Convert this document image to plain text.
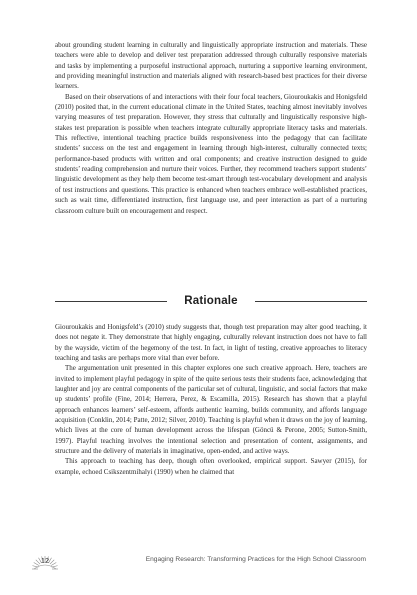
about grounding student learning in culturally and linguistically appropriate instruction and materials. These teachers were able to develop and deliver test preparation addressed through culturally responsive materials and tasks by implementing a purposeful instructional approach, nurturing a supportive learning environment, and providing meaningful instruction and materials aligned with research-based best practices for their diverse learners.

Based on their observations of and interactions with their four focal teachers, Giouroukakis and Honigsfeld (2010) posited that, in the current educational climate in the United States, teaching almost inevitably involves varying measures of test preparation. However, they stress that culturally and linguistically responsive high-stakes test preparation is possible when teachers integrate culturally appropriate literacy tasks and materials. This reflective, intentional teaching practice builds responsiveness into the pedagogy that can facilitate students’ success on the test and engagement in learning through high-interest, culturally connected texts; performance-based products with written and oral components; and creative instruction designed to guide students’ reading comprehension and nurture their voices. Further, they recommend teachers support students’ linguistic development as they help them become test-smart through test-vocabulary development and analysis of test instructions and questions. This practice is enhanced when teachers embrace well-established practices, such as wait time, differentiated instruction, first language use, and peer interaction as part of a nurturing classroom culture built on encouragement and respect.

Rationale

Giouroukakis and Honigsfeld’s (2010) study suggests that, though test preparation may alter good teaching, it does not negate it. They demonstrate that highly engaging, culturally relevant instruction does not have to fall by the wayside, victim of the hegemony of the test. In fact, in light of testing, creative approaches to literacy teaching and tasks are perhaps more vital than ever before.

The argumentation unit presented in this chapter explores one such creative approach. Here, teachers are invited to implement playful pedagogy in spite of the quite serious tests their students face, acknowledging that laughter and joy are central components of the particular set of cultural, linguistic, and social factors that make up students’ profile (Fine, 2014; Herrera, Perez, & Escamilla, 2015). Research has shown that a playful approach enhances learners’ self-esteem, affords authentic learning, builds community, and affords language acquisition (Conklin, 2014; Patte, 2012; Silver, 2010). Teaching is playful when it draws on the joy of learning, which lives at the core of human development across the lifespan (Göncü & Perone, 2005; Sutton-Smith, 1997). Playful teaching involves the intentional selection and presentation of content, assignments, and structure and the delivery of materials in imaginative, open-ended, and active ways.

This approach to teaching has deep, though often overlooked, empirical support. Sawyer (2015), for example, echoed Csikszentmihalyi (1990) when he claimed that

12	Engaging Research: Transforming Practices for the High School Classroom
